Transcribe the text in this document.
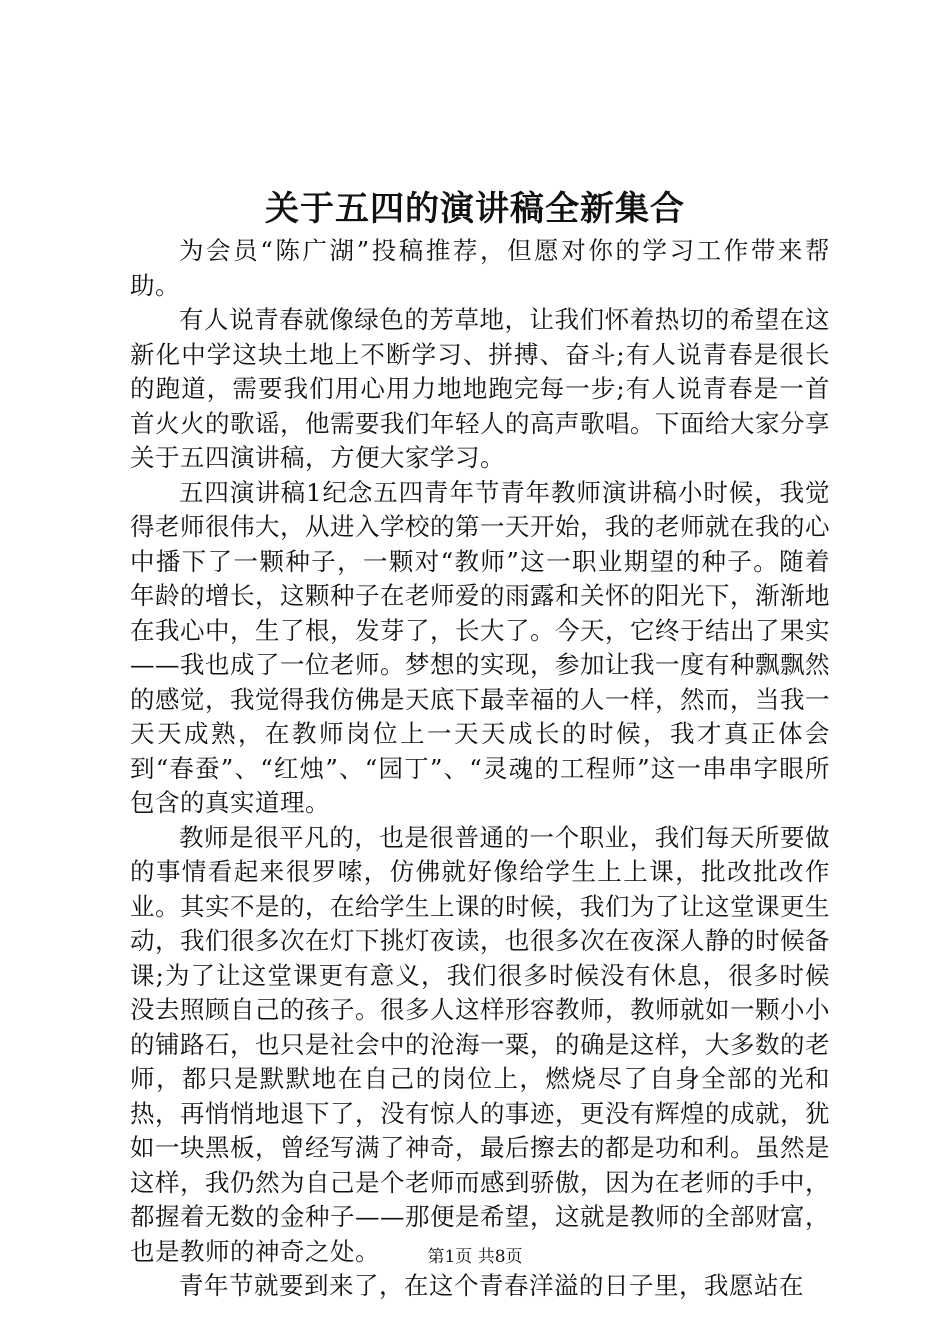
关于五四的演讲稿全新集合

为会员“陈广湖”投稿推荐，但愿对你的学习工作带来帮助。

有人说青春就像绿色的芳草地，让我们怀着热切的希望在这新化中学这块土地上不断学习、拼搏、奋斗;有人说青春是很长的跑道，需要我们用心用力地地跑完每一步;有人说青春是一首首火火的歌谣，他需要我们年轻人的高声歌唱。下面给大家分享关于五四演讲稿，方便大家学习。

五四演讲稿1纪念五四青年节青年教师演讲稿小时候，我觉得老师很伟大，从进入学校的第一天开始，我的老师就在我的心中播下了一颗种子，一颗对“教师”这一职业期望的种子。随着年龄的增长，这颗种子在老师爱的雨露和关怀的阳光下，渐渐地在我心中，生了根，发芽了，长大了。今天，它终于结出了果实——我也成了一位老师。梦想的实现，参加让我一度有种飘飘然的感觉，我觉得我仿佛是天底下最幸福的人一样，然而，当我一天天成熟，在教师岗位上一天天成长的时候，我才真正体会到“春蚕”、“红烛”、“园丁”、“灵魂的工程师”这一串串字眼所包含的真实道理。

教师是很平凡的，也是很普通的一个职业，我们每天所要做的事情看起来很罗嗦，仿佛就好像给学生上上课，批改批改作业。其实不是的，在给学生上课的时候，我们为了让这堂课更生动，我们很多次在灯下挑灯夜读，也很多次在夜深人静的时候备课;为了让这堂课更有意义，我们很多时候没有休息，很多时候没去照顾自己的孩子。很多人这样形容教师，教师就如一颗小小的铺路石，也只是社会中的沧海一粟，的确是这样，大多数的老师，都只是默默地在自己的岗位上，燃烧尽了自身全部的光和热，再悄悄地退下了，没有惊人的事迹，更没有辉煌的成就，犹如一块黑板，曾经写满了神奇，最后擦去的都是功和利。虽然是这样，我仍然为自己是个老师而感到骄傲，因为在老师的手中，都握着无数的金种子——那便是希望，这就是教师的全部财富，也是教师的神奇之处。

青年节就要到来了，在这个青春洋溢的日子里，我愿站在

第1页 共8页
